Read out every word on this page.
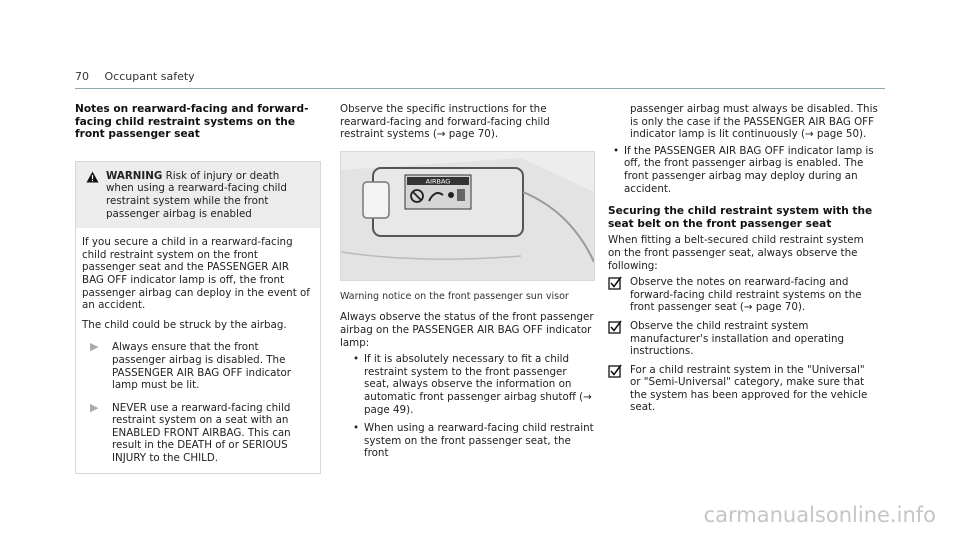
70 Occupant safety
Notes on rearward-facing and forward-facing child restraint systems on the front passenger seat
WARNING Risk of injury or death when using a rearward-facing child restraint system while the front passenger airbag is enabled

If you secure a child in a rearward-facing child restraint system on the front passenger seat and the PASSENGER AIR BAG OFF indicator lamp is off, the front passenger airbag can deploy in the event of an accident.

The child could be struck by the airbag.

▶	Always ensure that the front passenger airbag is disabled. The PASSENGER AIR BAG OFF indicator lamp must be lit.
▶	NEVER use a rearward-facing child restraint system on a seat with an ENABLED FRONT AIRBAG. This can result in the DEATH of or SERIOUS INJURY to the CHILD.

Observe the specific instructions for the rearward-facing and forward-facing child restraint systems (→ page 70).

AIRBAG
Warning notice on the front passenger sun visor

Always observe the status of the front passenger airbag on the PASSENGER AIR BAG OFF indicator lamp:

• If it is absolutely necessary to fit a child restraint system to the front passenger seat, always observe the information on automatic front passenger airbag shutoff (→ page 49).
• When using a rearward-facing child restraint system on the front passenger seat, the front

passenger airbag must always be disabled. This is only the case if the PASSENGER AIR BAG OFF indicator lamp is lit continuously (→ page 50).

• If the PASSENGER AIR BAG OFF indicator lamp is off, the front passenger airbag is enabled. The front passenger airbag may deploy during an accident.
Securing the child restraint system with the seat belt on the front passenger seat

When fitting a belt-secured child restraint system on the front passenger seat, always observe the following:

Observe the notes on rearward-facing and forward-facing child restraint systems on the front passenger seat (→ page 70).
Observe the child restraint system manufacturer's installation and operating instructions.
For a child restraint system in the "Universal" or "Semi-Universal" category, make sure that the system has been approved for the vehicle seat.
carmanualsonline.info
